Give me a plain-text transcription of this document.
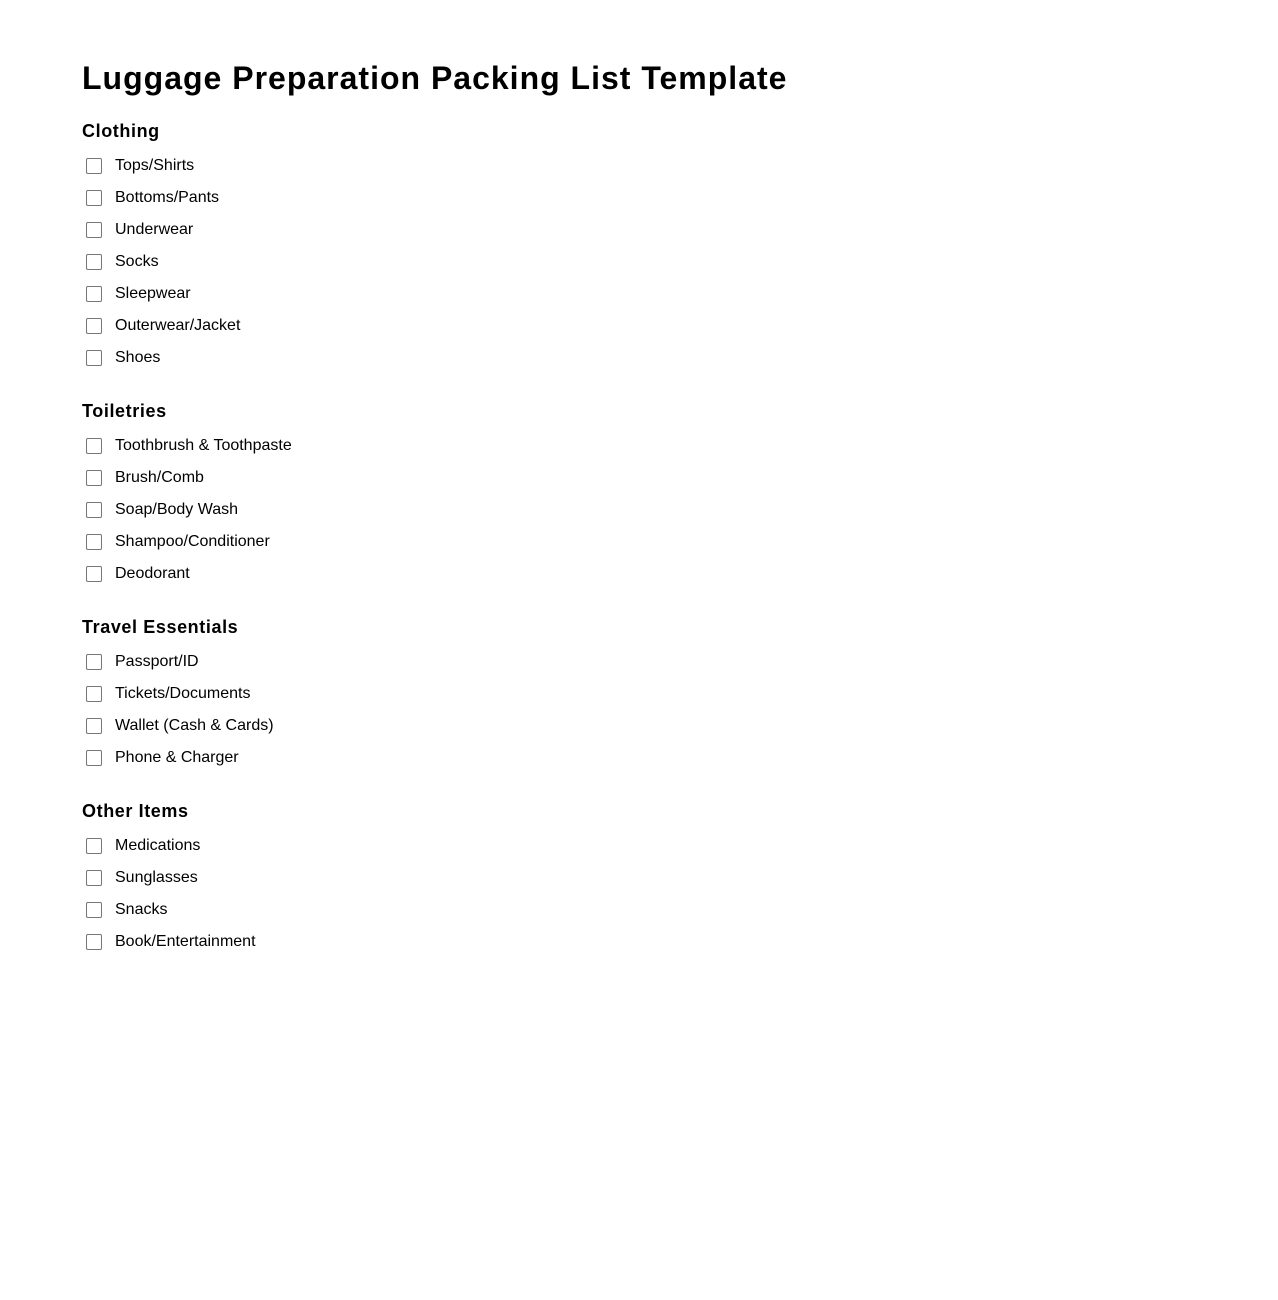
Luggage Preparation Packing List Template
Clothing
Tops/Shirts
Bottoms/Pants
Underwear
Socks
Sleepwear
Outerwear/Jacket
Shoes
Toiletries
Toothbrush & Toothpaste
Brush/Comb
Soap/Body Wash
Shampoo/Conditioner
Deodorant
Travel Essentials
Passport/ID
Tickets/Documents
Wallet (Cash & Cards)
Phone & Charger
Other Items
Medications
Sunglasses
Snacks
Book/Entertainment
